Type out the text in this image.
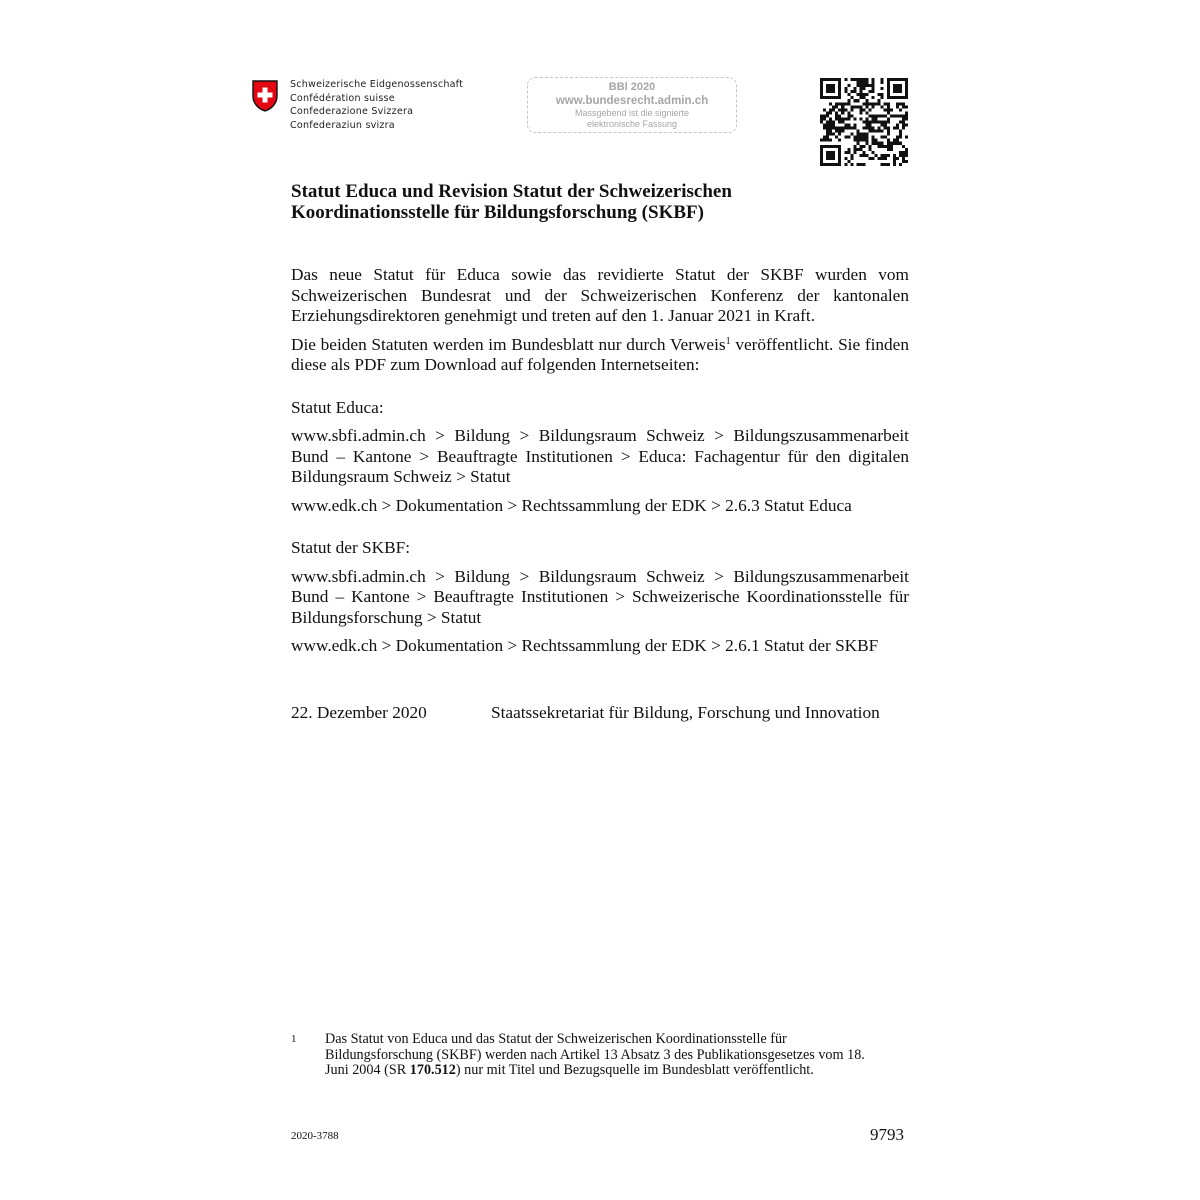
Schweizerische Eidgenossenschaft
Confédération suisse
Confederazione Svizzera
Confederaziun svizra
BBl 2020
www.bundesrecht.admin.ch
Massgebend ist die signierte
elektronische Fassung
Statut Educa und Revision Statut der Schweizerischen
Koordinationsstelle für Bildungsforschung (SKBF)

Das neue Statut für Educa sowie das revidierte Statut der SKBF wurden vom Schweizerischen Bundesrat und der Schweizerischen Konferenz der kantonalen Erziehungsdirektoren genehmigt und treten auf den 1. Januar 2021 in Kraft.

Die beiden Statuten werden im Bundesblatt nur durch Verweis$^1$ veröffentlicht. Sie finden diese als PDF zum Download auf folgenden Internetseiten:

Statut Educa:

www.sbfi.admin.ch > Bildung > Bildungsraum Schweiz > Bildungszusammenarbeit Bund – Kantone > Beauftragte Institutionen > Educa: Fachagentur für den digitalen Bildungsraum Schweiz > Statut

www.edk.ch > Dokumentation > Rechtssammlung der EDK > 2.6.3 Statut Educa

Statut der SKBF:

www.sbfi.admin.ch > Bildung > Bildungsraum Schweiz > Bildungszusammenarbeit Bund – Kantone > Beauftragte Institutionen > Schweizerische Koordinationsstelle für Bildungsforschung > Statut

www.edk.ch > Dokumentation > Rechtssammlung der EDK > 2.6.1 Statut der SKBF

22. Dezember 2020	Staatssekretariat für Bildung, Forschung und Innovation
1	Das Statut von Educa und das Statut der Schweizerischen Koordinationsstelle für Bildungsforschung (SKBF) werden nach Artikel 13 Absatz 3 des Publikationsgesetzes vom 18. Juni 2004 (SR 170.512) nur mit Titel und Bezugsquelle im Bundesblatt veröffentlicht.
2020-3788	9793
